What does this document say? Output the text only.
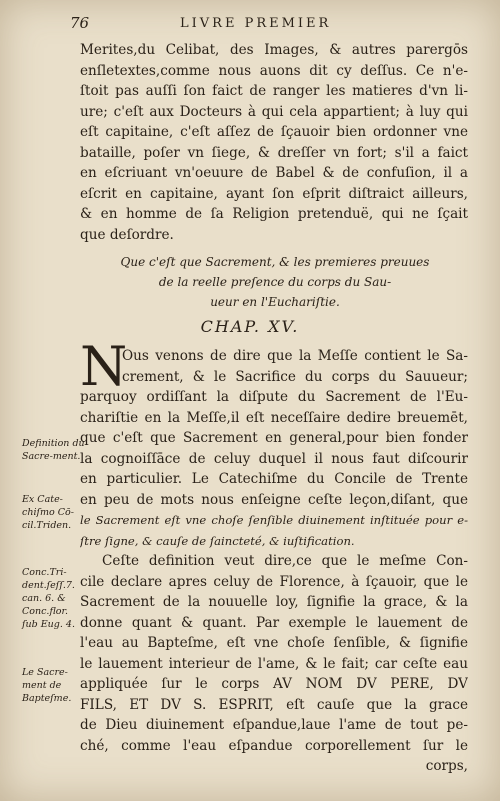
76	LIVRE PREMIER
Merites,du Celibat, des Images, & autres parergōs
enſletextes,comme nous auons dit cy deſſus. Ce n'e-
ſtoit pas auſſi ſon faict de ranger les matieres d'vn li-
ure; c'eſt aux Docteurs à qui cela appartient; à luy qui
eſt capitaine, c'eſt aſſez de ſçauoir bien ordonner vne
bataille, poſer vn ſiege, & dreſſer vn fort; s'il a faict
en eſcriuant vn'oeuure de Babel & de confuſion, il a
eſcrit en capitaine, ayant ſon eſprit diſtraict ailleurs,
& en homme de ſa Religion pretenduë, qui ne ſçait
que deſordre.
Que c'eſt que Sacrement, & les premieres preuues
de la reelle preſence du corps du Sau-
ueur en l'Euchariſtie.
CHAP. XV.
N
Ous venons de dire que la Meſſe contient le Sa-
crement, & le Sacrifice du corps du Sauueur;
parquoy ordiſſant la diſpute du Sacrement de l'Eu-
chariſtie en la Meſſe,il eſt neceſſaire dedire breuemēt,
que c'eſt que Sacrement en general,pour bien fonder
la cognoiſſāce de celuy duquel il nous faut diſcourir
en particulier. Le Catechiſme du Concile de Trente
en peu de mots nous enſeigne ceſte leçon,diſant, que
le Sacrement eſt vne choſe ſenſible diuinement inſtituée pour e-
ſtre ſigne, & cauſe de ſainctеté, & iuſtification.
Ceſte definition veut dire,ce que le meſme Con-
cile declare apres celuy de Florence, à ſçauoir, que le
Sacrement de la nouuelle loy, ſignifie la grace, & la
donne quant & quant. Par exemple le lauement de
l'eau au Bapteſme, eſt vne choſe ſenſible, & ſignifie
le lauement interieur de l'ame, & le fait; car ceſte eau
appliquée ſur le corps AV NOM DV PERE, DV
FILS, ET DV S. ESPRIT, eſt cauſe que la grace
de Dieu diuinement eſpandue,laue l'ame de tout pe-
ché, comme l'eau eſpandue corporellement ſur le
corps,
Definition du Sacre-ment.
Ex Cate-chiſmo Cō-cil.Triden.
Conc.Tri-dent.ſeſſ.7. can. 6. & Conc.flor. ſub Eug. 4.
Le Sacre-ment de Bapteſme.
